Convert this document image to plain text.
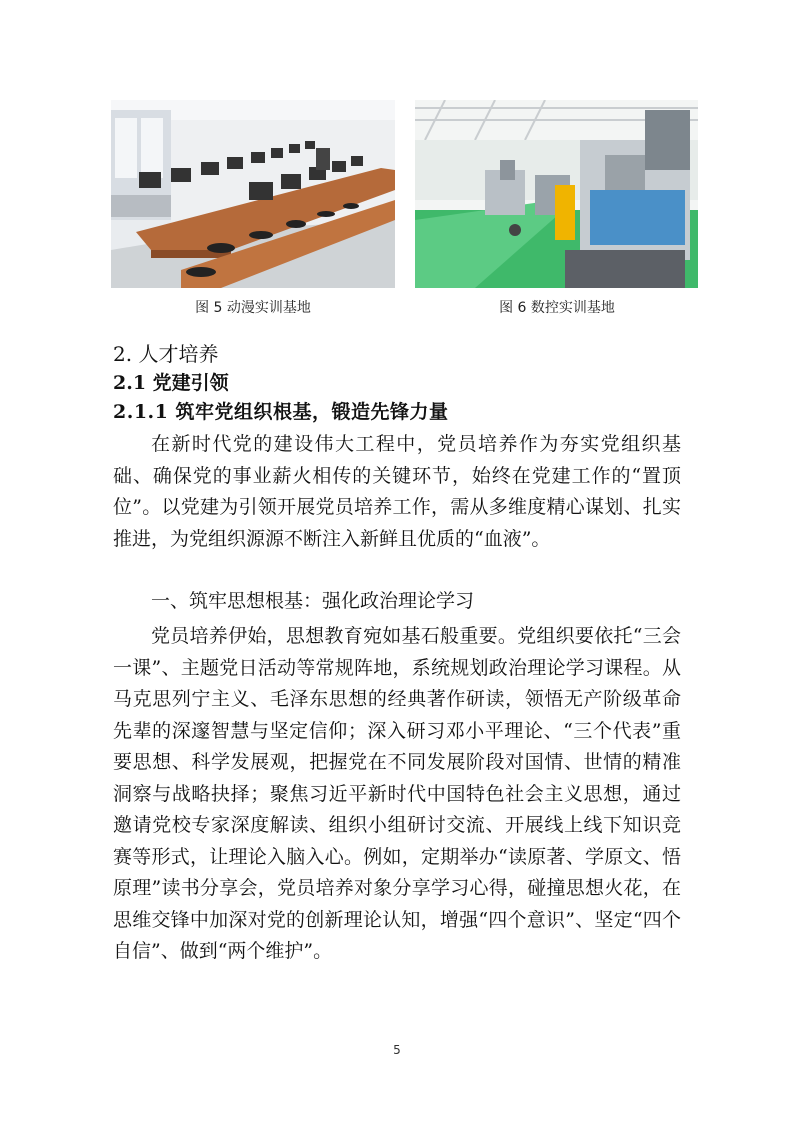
图 5 动漫实训基地	图 6 数控实训基地
2. 人才培养
2.1 党建引领
2.1.1 筑牢党组织根基，锻造先锋力量

在新时代党的建设伟大工程中，党员培养作为夯实党组织基础、确保党的事业薪火相传的关键环节，始终在党建工作的“置顶位”。以党建为引领开展党员培养工作，需从多维度精心谋划、扎实推进，为党组织源源不断注入新鲜且优质的“血液”。

一、筑牢思想根基：强化政治理论学习

党员培养伊始，思想教育宛如基石般重要。党组织要依托“三会一课”、主题党日活动等常规阵地，系统规划政治理论学习课程。从马克思列宁主义、毛泽东思想的经典著作研读，领悟无产阶级革命先辈的深邃智慧与坚定信仰；深入研习邓小平理论、“三个代表”重要思想、科学发展观，把握党在不同发展阶段对国情、世情的精准洞察与战略抉择；聚焦习近平新时代中国特色社会主义思想，通过邀请党校专家深度解读、组织小组研讨交流、开展线上线下知识竞赛等形式，让理论入脑入心。例如，定期举办“读原著、学原文、悟原理”读书分享会，党员培养对象分享学习心得，碰撞思想火花，在思维交锋中加深对党的创新理论认知，增强“四个意识”、坚定“四个自信”、做到“两个维护”。

5
